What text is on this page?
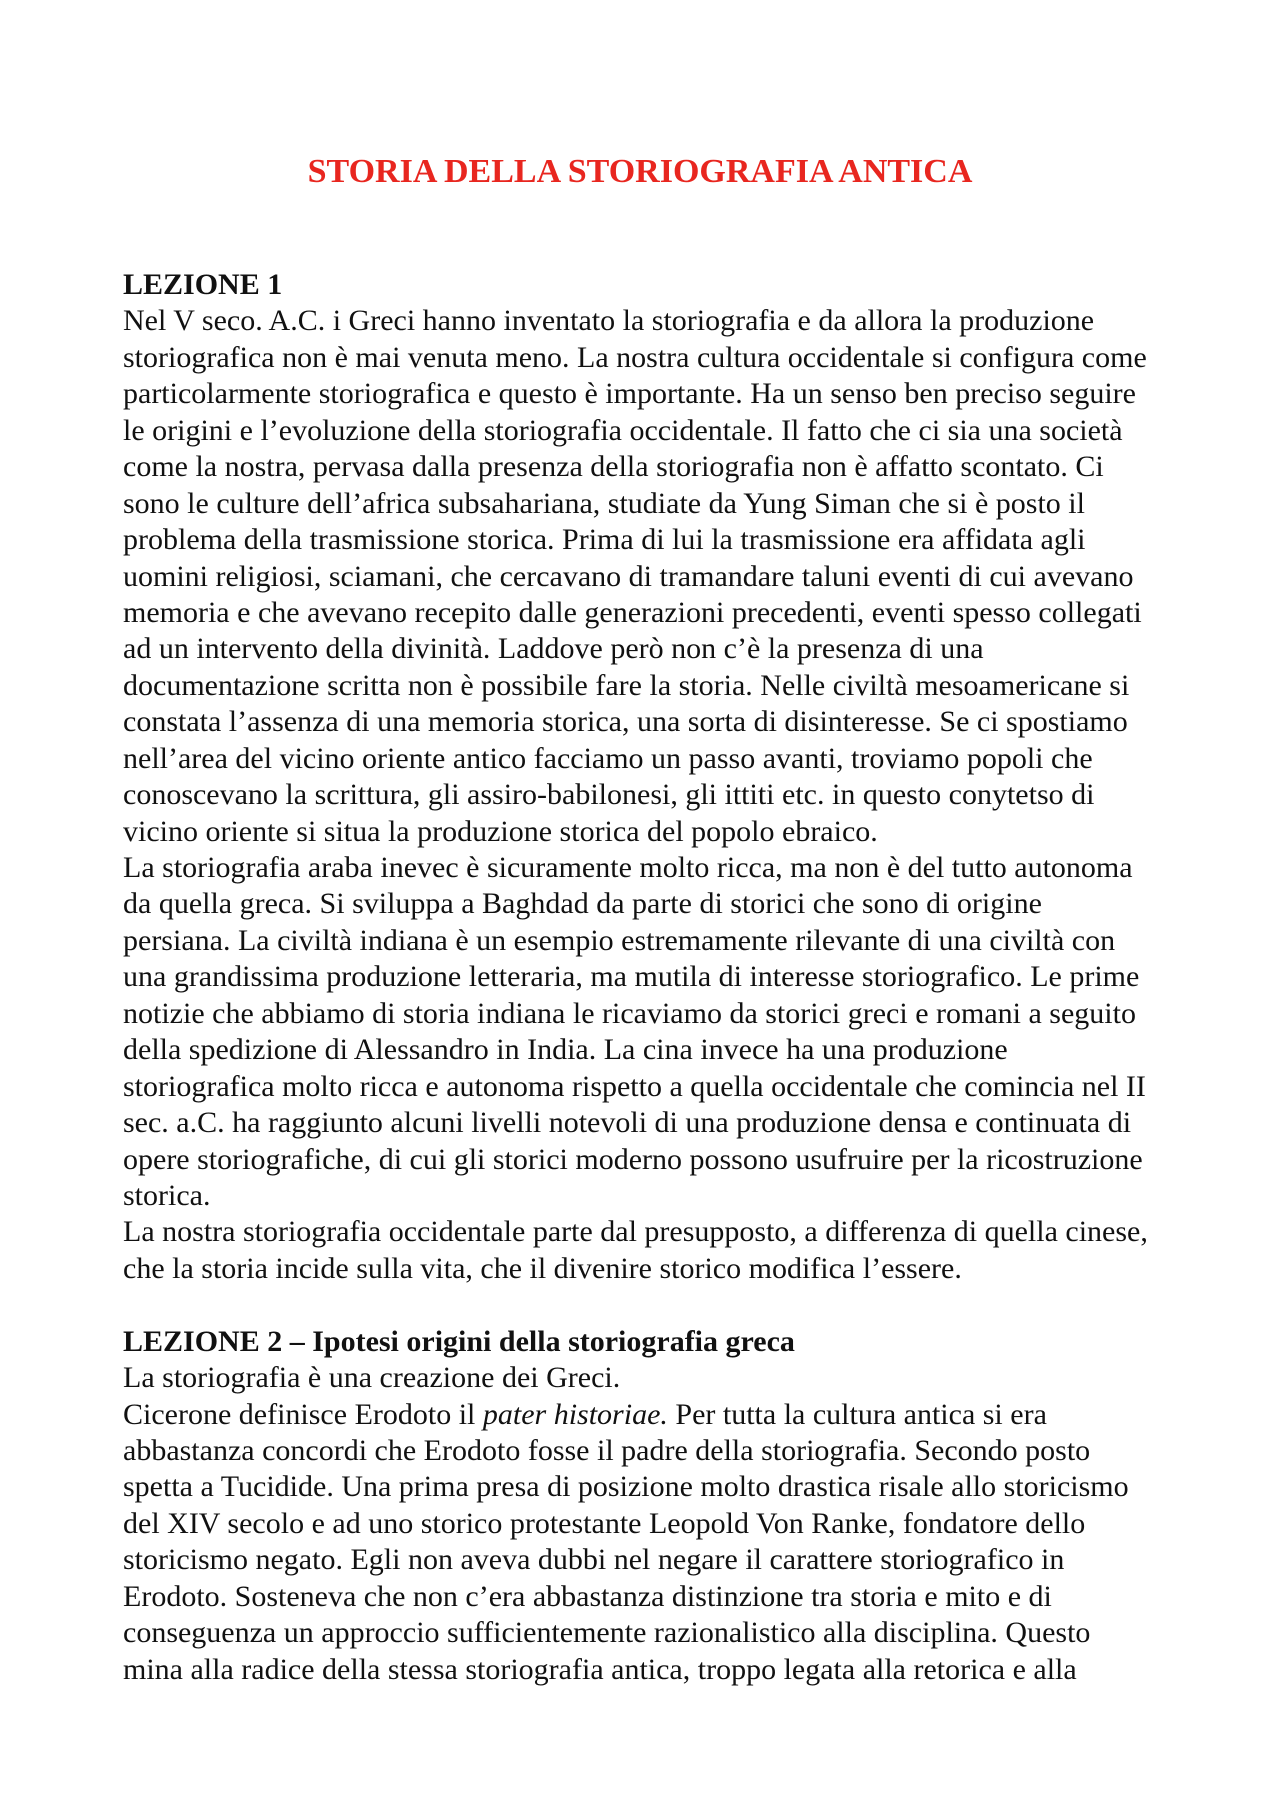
STORIA DELLA STORIOGRAFIA ANTICA
LEZIONE 1
Nel V seco. A.C. i Greci hanno inventato la storiografia e da allora la produzione
storiografica non è mai venuta meno. La nostra cultura occidentale si configura come
particolarmente storiografica e questo è importante. Ha un senso ben preciso seguire
le origini e l’evoluzione della storiografia occidentale. Il fatto che ci sia una società
come la nostra, pervasa dalla presenza della storiografia non è affatto scontato. Ci
sono le culture dell’africa subsahariana, studiate da Yung Siman che si è posto il
problema della trasmissione storica. Prima di lui la trasmissione era affidata agli
uomini religiosi, sciamani, che cercavano di tramandare taluni eventi di cui avevano
memoria e che avevano recepito dalle generazioni precedenti, eventi spesso collegati
ad un intervento della divinità. Laddove però non c’è la presenza di una
documentazione scritta non è possibile fare la storia. Nelle civiltà mesoamericane si
constata l’assenza di una memoria storica, una sorta di disinteresse. Se ci spostiamo
nell’area del vicino oriente antico facciamo un passo avanti, troviamo popoli che
conoscevano la scrittura, gli assiro-babilonesi, gli ittiti etc. in questo conytetso di
vicino oriente si situa la produzione storica del popolo ebraico.
La storiografia araba inevec è sicuramente molto ricca, ma non è del tutto autonoma
da quella greca. Si sviluppa a Baghdad da parte di storici che sono di origine
persiana. La civiltà indiana è un esempio estremamente rilevante di una civiltà con
una grandissima produzione letteraria, ma mutila di interesse storiografico. Le prime
notizie che abbiamo di storia indiana le ricaviamo da storici greci e romani a seguito
della spedizione di Alessandro in India. La cina invece ha una produzione
storiografica molto ricca e autonoma rispetto a quella occidentale che comincia nel II
sec. a.C. ha raggiunto alcuni livelli notevoli di una produzione densa e continuata di
opere storiografiche, di cui gli storici moderno possono usufruire per la ricostruzione
storica.
La nostra storiografia occidentale parte dal presupposto, a differenza di quella cinese,
che la storia incide sulla vita, che il divenire storico modifica l’essere.
LEZIONE 2 – Ipotesi origini della storiografia greca
La storiografia è una creazione dei Greci.
Cicerone definisce Erodoto il pater historiae. Per tutta la cultura antica si era
abbastanza concordi che Erodoto fosse il padre della storiografia. Secondo posto
spetta a Tucidide. Una prima presa di posizione molto drastica risale allo storicismo
del XIV secolo e ad uno storico protestante Leopold Von Ranke, fondatore dello
storicismo negato. Egli non aveva dubbi nel negare il carattere storiografico in
Erodoto. Sosteneva che non c’era abbastanza distinzione tra storia e mito e di
conseguenza un approccio sufficientemente razionalistico alla disciplina. Questo
mina alla radice della stessa storiografia antica, troppo legata alla retorica e alla
